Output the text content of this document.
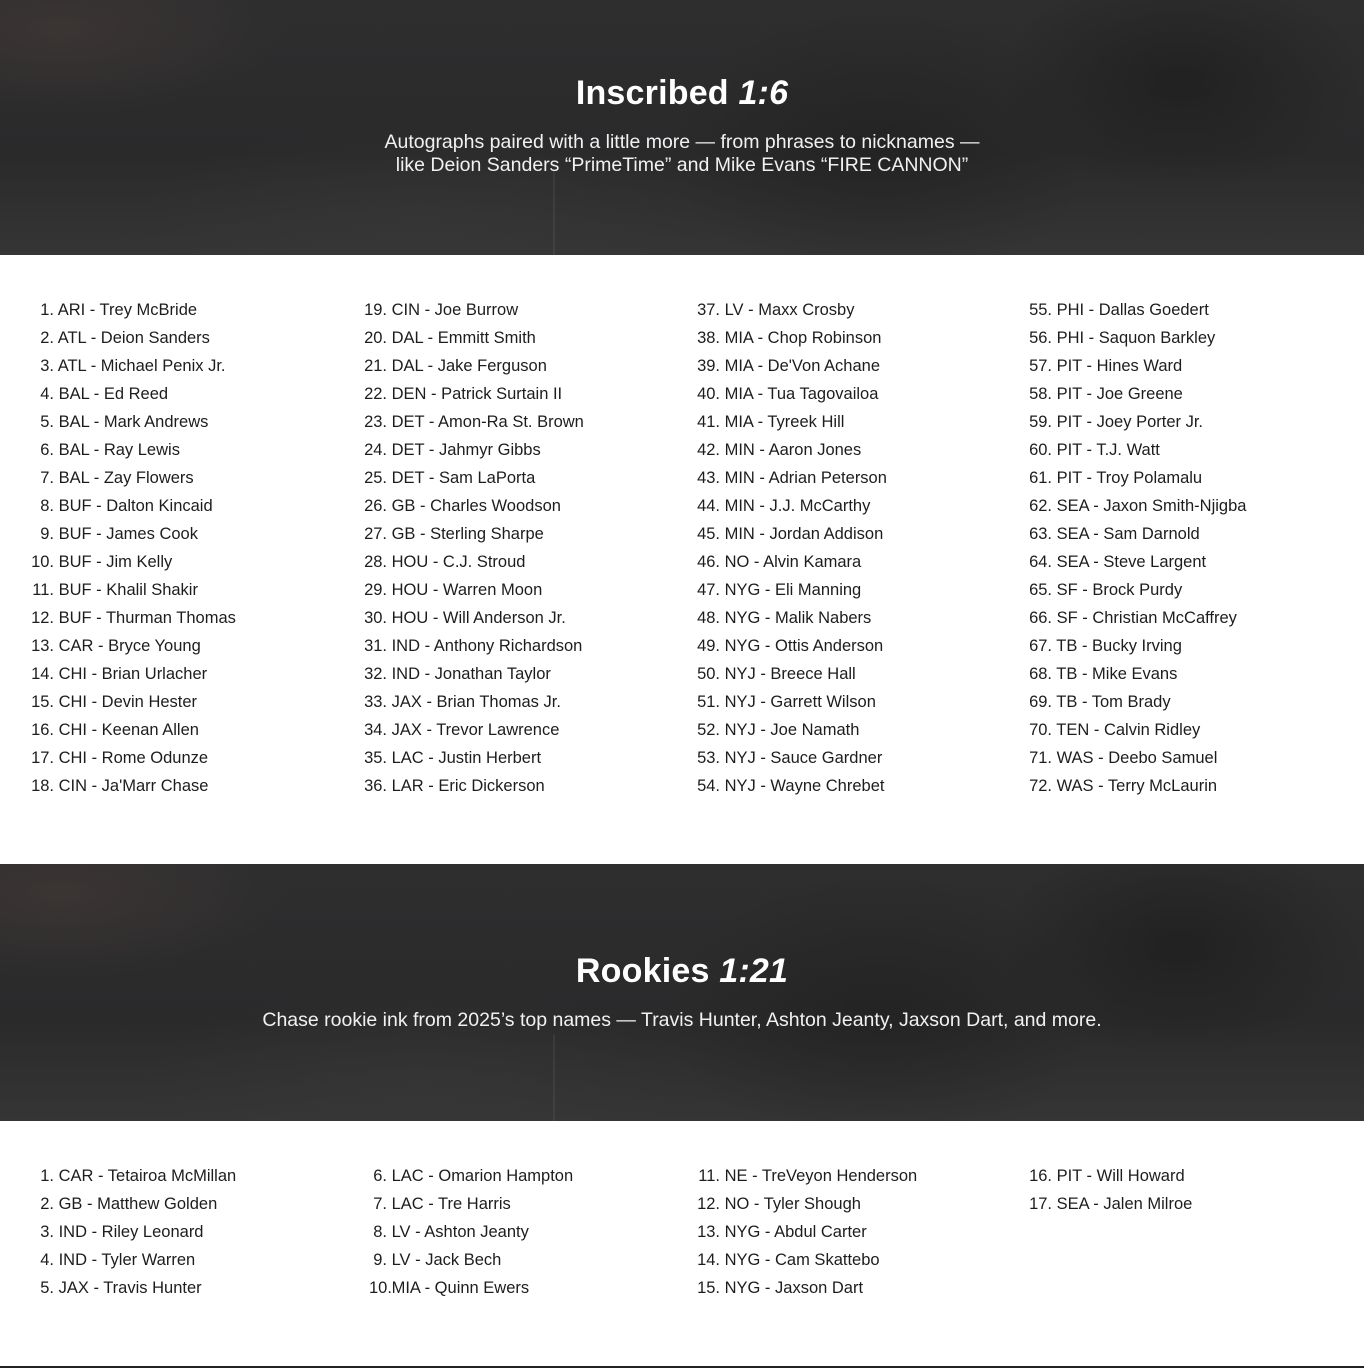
Inscribed 1:6

Autographs paired with a little more — from phrases to nicknames —
like Deion Sanders “PrimeTime” and Mike Evans “FIRE CANNON”

1. ARI - Trey McBride
2. ATL - Deion Sanders
3. ATL - Michael Penix Jr.
4. BAL - Ed Reed
5. BAL - Mark Andrews
6. BAL - Ray Lewis
7. BAL - Zay Flowers
8. BUF - Dalton Kincaid
9. BUF - James Cook
10. BUF - Jim Kelly
11. BUF - Khalil Shakir
12. BUF - Thurman Thomas
13. CAR - Bryce Young
14. CHI - Brian Urlacher
15. CHI - Devin Hester
16. CHI - Keenan Allen
17. CHI - Rome Odunze
18. CIN - Ja'Marr Chase
19. CIN - Joe Burrow
20. DAL - Emmitt Smith
21. DAL - Jake Ferguson
22. DEN - Patrick Surtain II
23. DET - Amon-Ra St. Brown
24. DET - Jahmyr Gibbs
25. DET - Sam LaPorta
26. GB - Charles Woodson
27. GB - Sterling Sharpe
28. HOU - C.J. Stroud
29. HOU - Warren Moon
30. HOU - Will Anderson Jr.
31. IND - Anthony Richardson
32. IND - Jonathan Taylor
33. JAX - Brian Thomas Jr.
34. JAX - Trevor Lawrence
35. LAC - Justin Herbert
36. LAR - Eric Dickerson
37. LV - Maxx Crosby
38. MIA - Chop Robinson
39. MIA - De'Von Achane
40. MIA - Tua Tagovailoa
41. MIA - Tyreek Hill
42. MIN - Aaron Jones
43. MIN - Adrian Peterson
44. MIN - J.J. McCarthy
45. MIN - Jordan Addison
46. NO - Alvin Kamara
47. NYG - Eli Manning
48. NYG - Malik Nabers
49. NYG - Ottis Anderson
50. NYJ - Breece Hall
51. NYJ - Garrett Wilson
52. NYJ - Joe Namath
53. NYJ - Sauce Gardner
54. NYJ - Wayne Chrebet
55. PHI - Dallas Goedert
56. PHI - Saquon Barkley
57. PIT - Hines Ward
58. PIT - Joe Greene
59. PIT - Joey Porter Jr.
60. PIT - T.J. Watt
61. PIT - Troy Polamalu
62. SEA - Jaxon Smith-Njigba
63. SEA - Sam Darnold
64. SEA - Steve Largent
65. SF - Brock Purdy
66. SF - Christian McCaffrey
67. TB - Bucky Irving
68. TB - Mike Evans
69. TB - Tom Brady
70. TEN - Calvin Ridley
71. WAS - Deebo Samuel
72. WAS - Terry McLaurin
Rookies 1:21

Chase rookie ink from 2025’s top names — Travis Hunter, Ashton Jeanty, Jaxson Dart, and more.

1. CAR - Tetairoa McMillan
2. GB - Matthew Golden
3. IND - Riley Leonard
4. IND - Tyler Warren
5. JAX - Travis Hunter
6. LAC - Omarion Hampton
7. LAC - Tre Harris
8. LV - Ashton Jeanty
9. LV - Jack Bech
10. MIA - Quinn Ewers
11. NE - TreVeyon Henderson
12. NO - Tyler Shough
13. NYG - Abdul Carter
14. NYG - Cam Skattebo
15. NYG - Jaxson Dart
16. PIT - Will Howard
17. SEA - Jalen Milroe
